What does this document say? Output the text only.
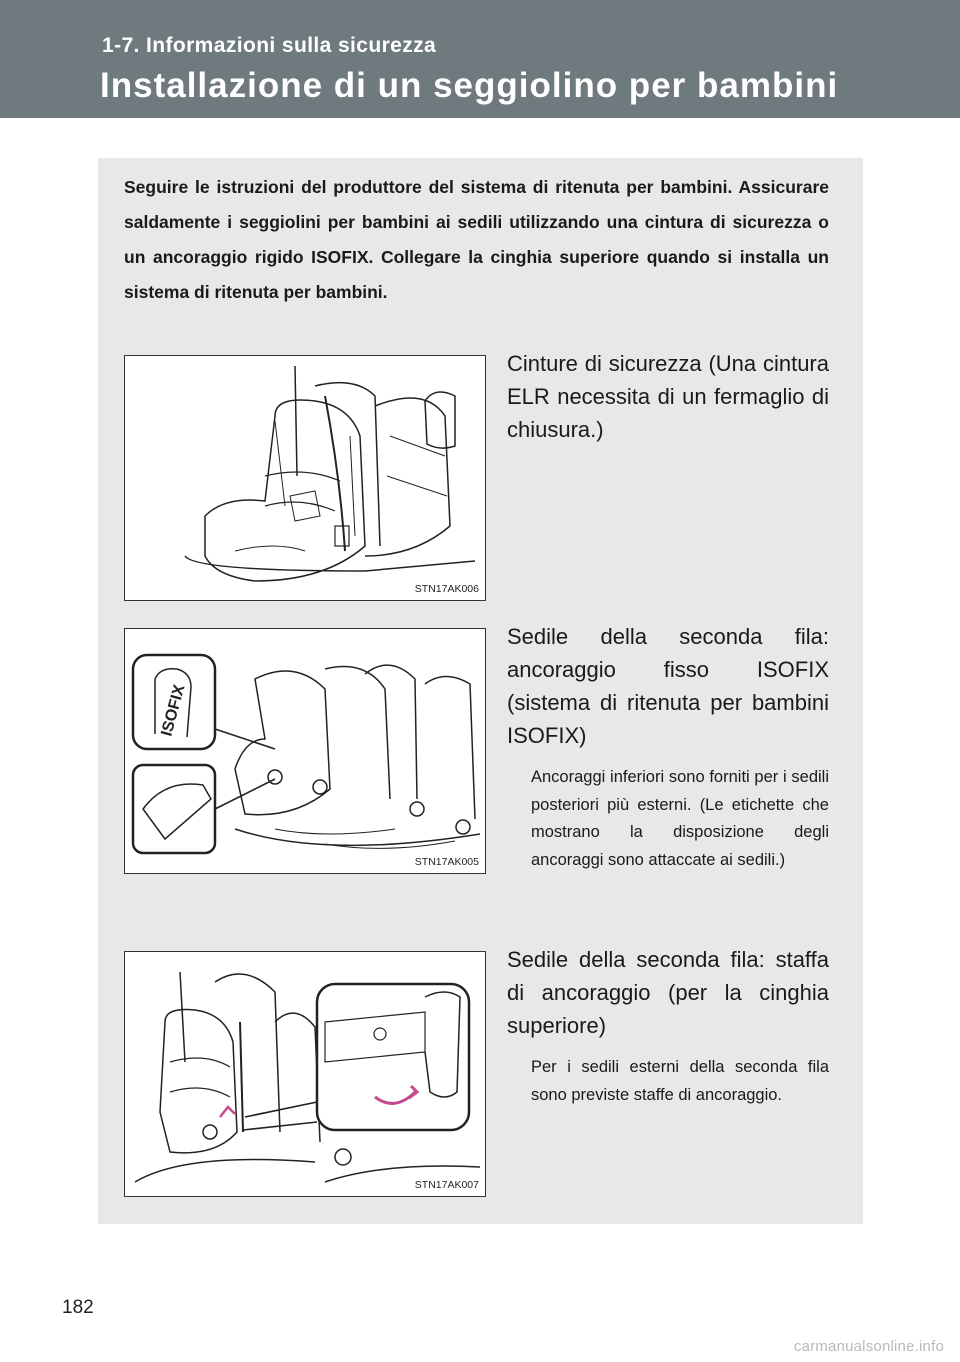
1-7. Informazioni sulla sicurezza
Installazione di un seggiolino per bambini

Seguire le istruzioni del produttore del sistema di ritenuta per bambini. Assicurare saldamente i seggiolini per bambini ai sedili utilizzando una cintura di sicurezza o un ancoraggio rigido ISOFIX. Collegare la cinghia superiore quando si installa un sistema di ritenuta per bambini.

STN17AK006

Cinture di sicurezza (Una cintura ELR necessita di un fermaglio di chiusura.)

ISOFIX
STN17AK005

Sedile della seconda fila: ancoraggio fisso ISOFIX (sistema di ritenuta per bambini ISOFIX)

Ancoraggi inferiori sono forniti per i sedili posteriori più esterni. (Le etichette che mostrano la disposizione degli ancoraggi sono attaccate ai sedili.)

STN17AK007

Sedile della seconda fila: staffa di ancoraggio (per la cinghia superiore)

Per i sedili esterni della seconda fila sono previste staffe di ancoraggio.

182
carmanualsonline.info
